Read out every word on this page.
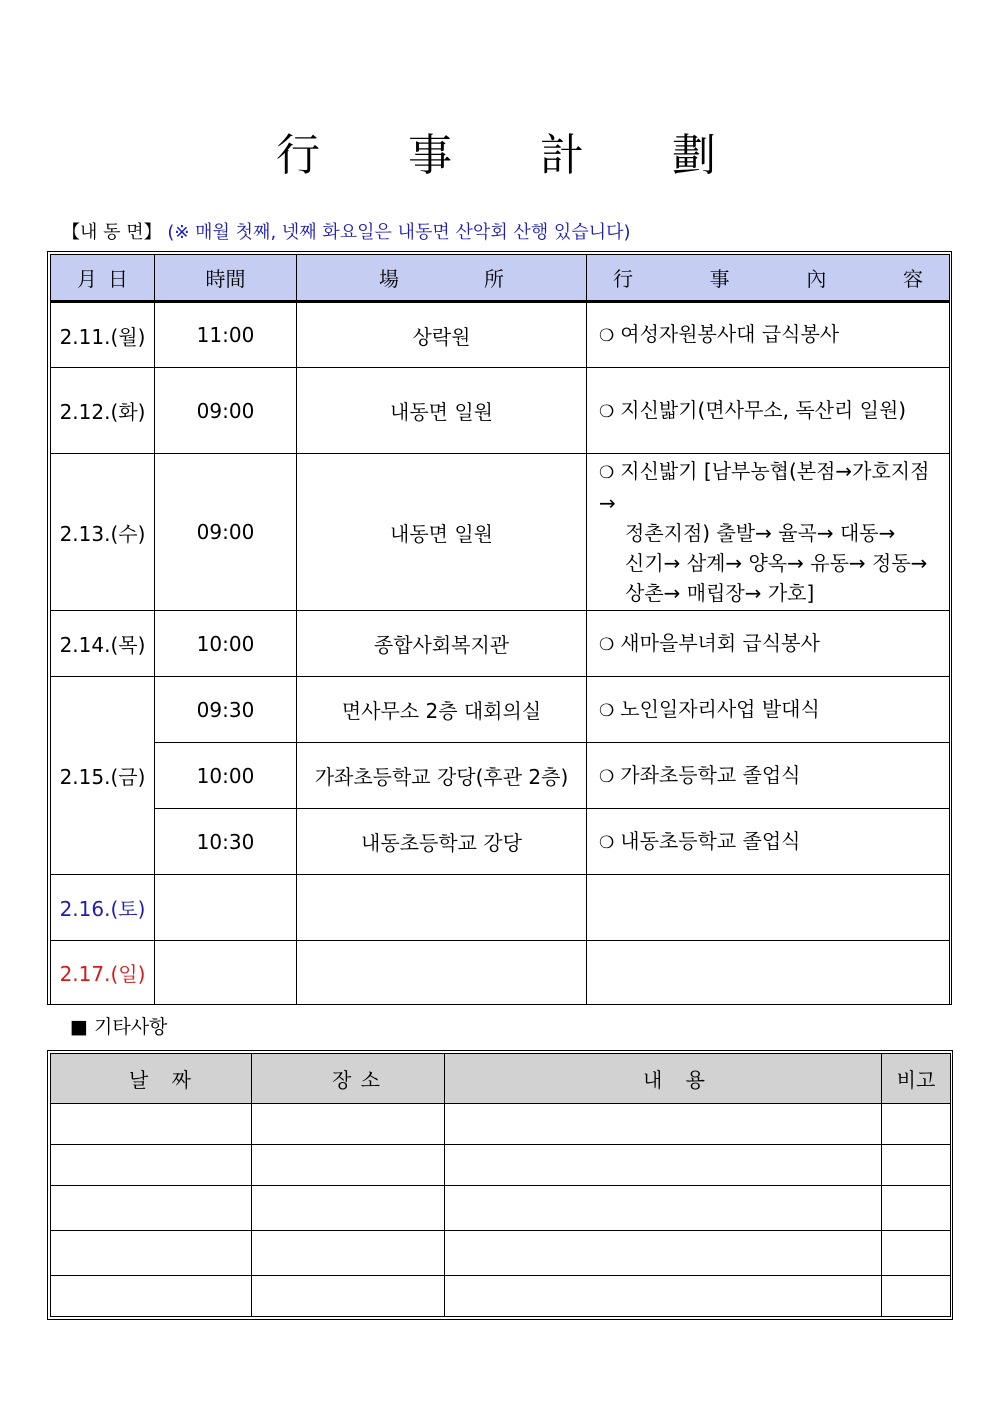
行 事 計 劃
【내 동 면】 (※ 매월 첫째, 넷째 화요일은 내동면 산악회 산행 있습니다)
月 日	時間	場 所	行 事 內 容

2.11.(월)	11:00	상락원	❍ 여성자원봉사대 급식봉사
2.12.(화)	09:00	내동면 일원	❍ 지신밟기(면사무소, 독산리 일원)
2.13.(수)	09:00	내동면 일원	❍ 지신밟기 [남부농협(본점→가호지점→
정촌지점) 출발→ 율곡→ 대동→
신기→ 삼계→ 양옥→ 유동→ 정동→
상촌→ 매립장→ 가호]

2.14.(목)	10:00	종합사회복지관	❍ 새마을부녀회 급식봉사
2.15.(금)	09:30	면사무소 2층 대회의실	❍ 노인일자리사업 발대식
	10:00	가좌초등학교 강당(후관 2층)	❍ 가좌초등학교 졸업식
	10:30	내동초등학교 강당	❍ 내동초등학교 졸업식
2.16.(토)			
2.17.(일)			
■ 기타사항
날 짜	장 소	내 용	비고
